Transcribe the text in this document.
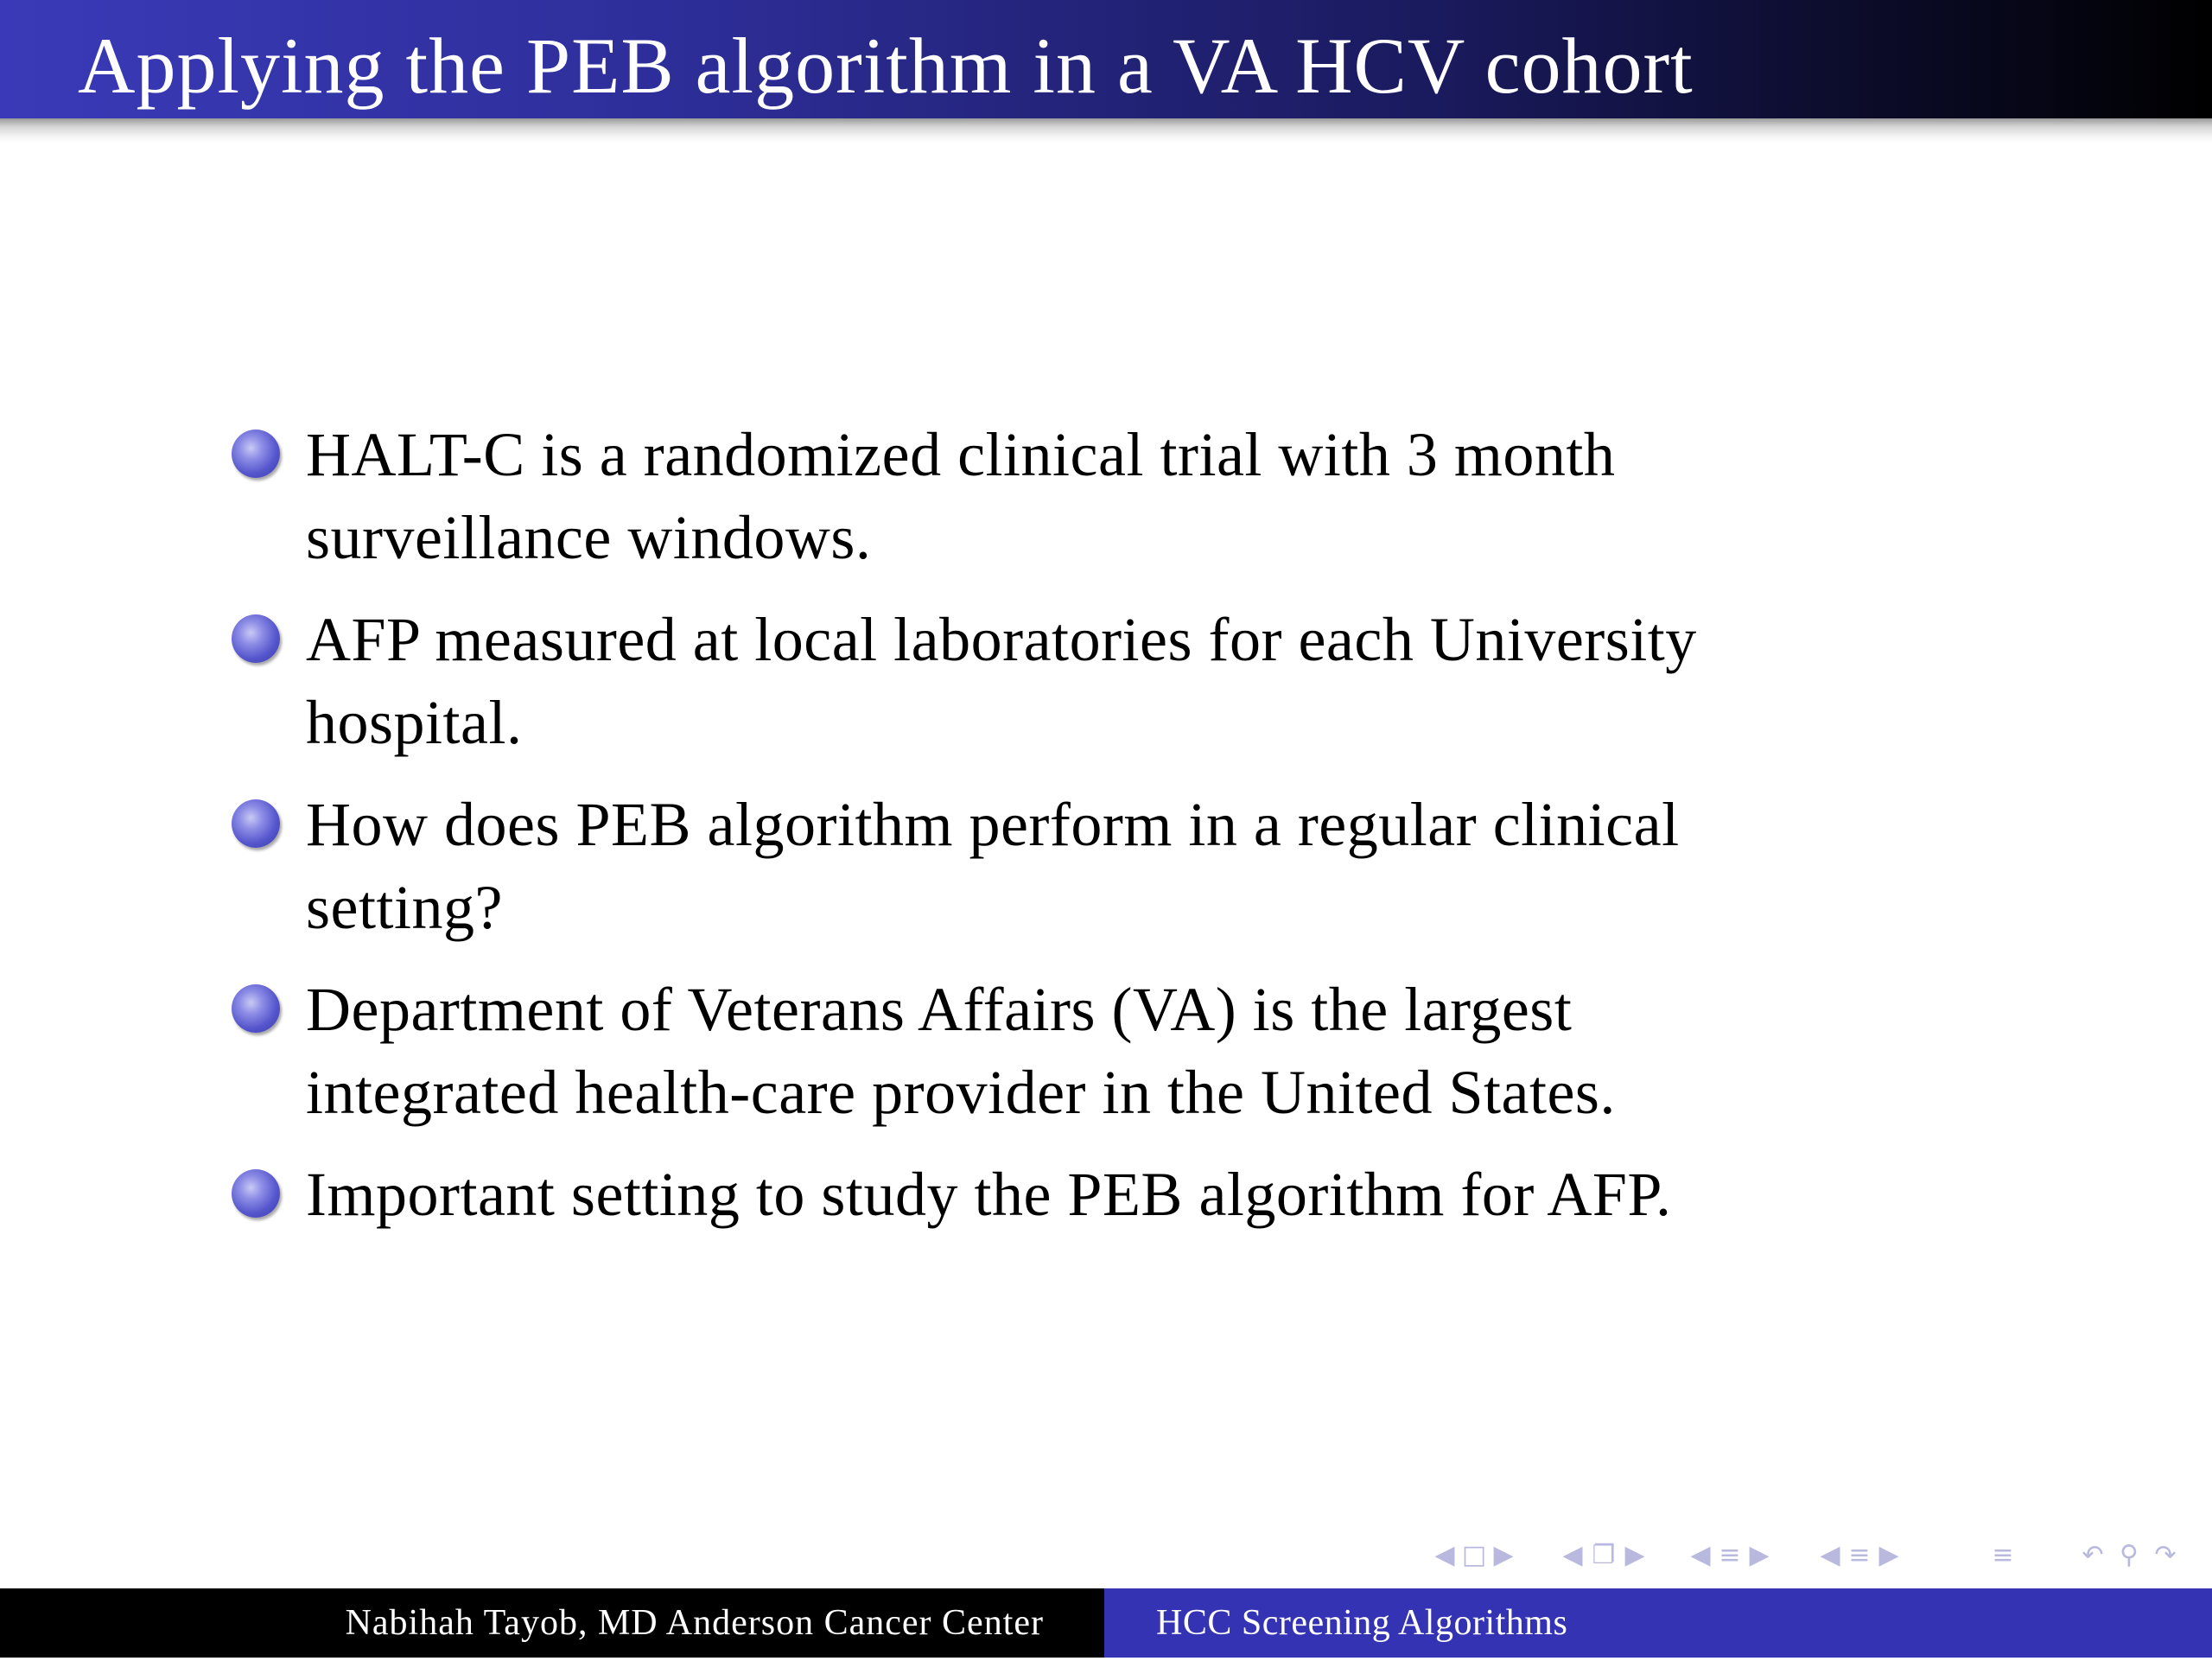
Applying the PEB algorithm in a VA HCV cohort
HALT-C is a randomized clinical trial with 3 month
surveillance windows.
AFP measured at local laboratories for each University
hospital.
How does PEB algorithm perform in a regular clinical
setting?
Department of Veterans Affairs (VA) is the largest
integrated health-care provider in the United States.
Important setting to study the PEB algorithm for AFP.
◀ □ ▶ ◀ ❐ ▶ ◀ ≡ ▶ ◀ ≡ ▶	≡	↶ ⚲ ↷
Nabihah Tayob, MD Anderson Cancer Center	HCC Screening Algorithms
